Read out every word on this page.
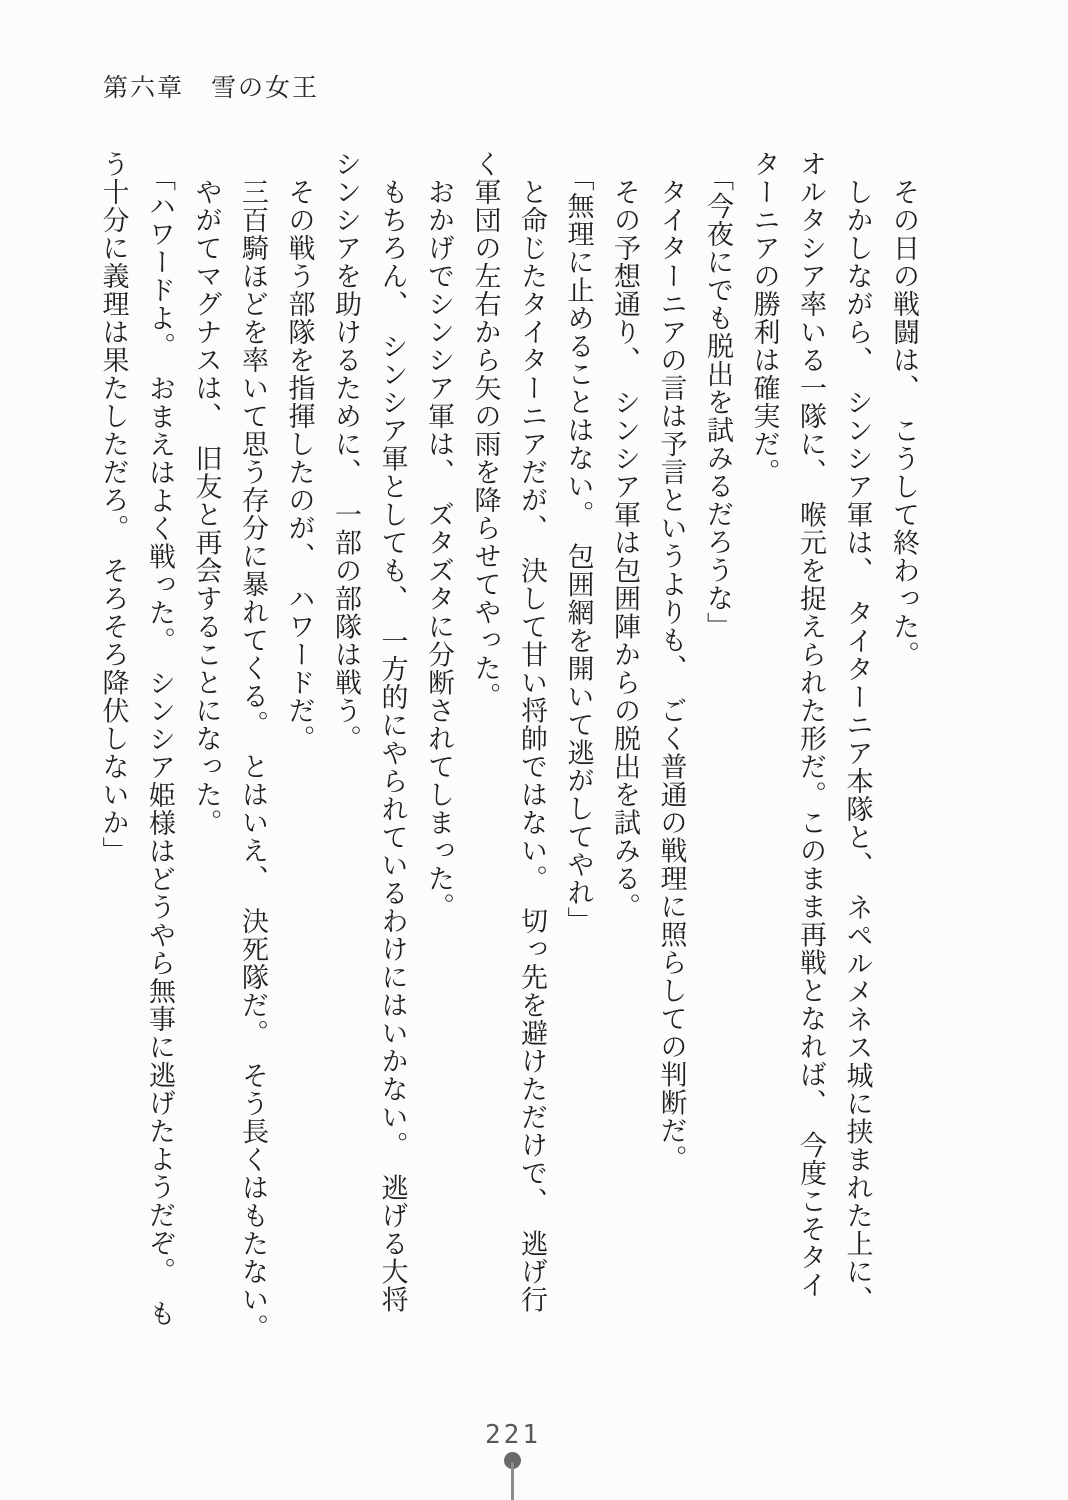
第六章　雪の女王
その日の戦闘は、　こうして終わった。
しかしながら、　シンシア軍は、　タイターニア本隊と、　ネペルメネス城に挟まれた上に、
オルタシア率いる一隊に、　喉元を捉えられた形だ。このまま再戦となれば、　今度こそタイ
ターニアの勝利は確実だ。
「今夜にでも脱出を試みるだろうな」
タイターニアの言は予言というよりも、　ごく普通の戦理に照らしての判断だ。
その予想通り、　シンシア軍は包囲陣からの脱出を試みる。
「無理に止めることはない。　包囲網を開いて逃がしてやれ」
と命じたタイターニアだが、　決して甘い将帥ではない。　切っ先を避けただけで、　逃げ行
く軍団の左右から矢の雨を降らせてやった。
おかげでシンシア軍は、　ズタズタに分断されてしまった。
もちろん、　シンシア軍としても、　一方的にやられているわけにはいかない。　逃げる大将
シンシアを助けるために、　一部の部隊は戦う。
その戦う部隊を指揮したのが、　ハワードだ。
三百騎ほどを率いて思う存分に暴れてくる。　とはいえ、　決死隊だ。　そう長くはもたない。
やがてマグナスは、　旧友と再会することになった。
「ハワードよ。　おまえはよく戦った。　シンシア姫様はどうやら無事に逃げたようだぞ。　も
う十分に義理は果たしただろ。　そろそろ降伏しないか」
221
